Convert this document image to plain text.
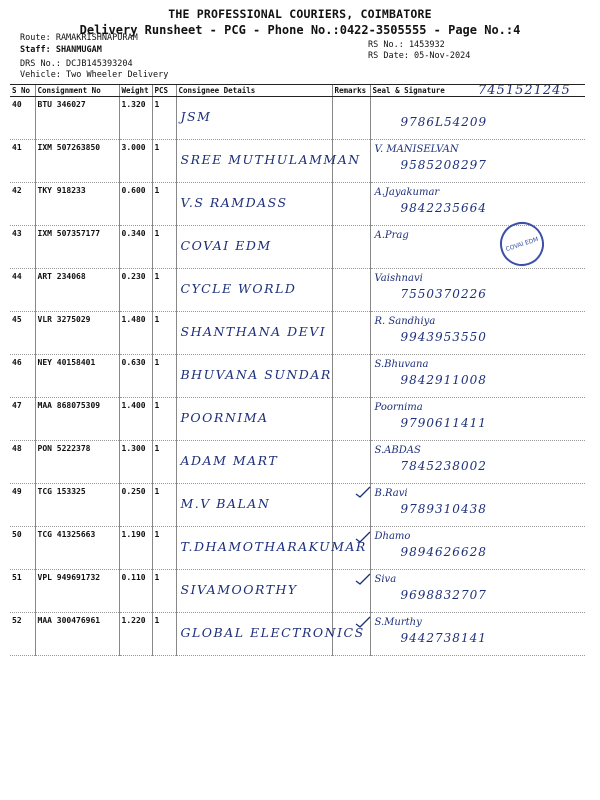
THE PROFESSIONAL COURIERS, COIMBATORE
Delivery Runsheet - PCG - Phone No.:0422-3505555 - Page No.:4
Route: RAMAKRISHNAPURAM
Staff: SHANMUGAM
DRS No.: DCJB145393204
Vehicle: Two Wheeler Delivery
RS No.: 1453932
RS Date: 05-Nov-2024
7451521245
S No	Consignment No	Weight	PCS	Consignee Details	Remarks	Seal & Signature
40	BTU 346027	1.320	1	JSM		9786L54209

41	IXM 507263850	3.000	1	SREE MUTHULAMMAN		V. MANISELVAN
9585208297

42	TKY 918233	0.600	1	V.S RAMDASS		A.Jayakumar
9842235664

43	IXM 507357177	0.340	1	COVAI EDM		A.Prag

44	ART 234068	0.230	1	CYCLE WORLD		Vaishnavi
7550370226

45	VLR 3275029	1.480	1	SHANTHANA DEVI		R. Sandhiya
9943953550

46	NEY 40158401	0.630	1	BHUVANA SUNDAR		S.Bhuvana
9842911008

47	MAA 868075309	1.400	1	POORNIMA		Poornima
9790611411

48	PON 5222378	1.300	1	ADAM MART		S.ABDAS
7845238002

49	TCG 153325	0.250	1	M.V BALAN		B.Ravi
9789310438

50	TCG 41325663	1.190	1	T.DHAMOTHARAKUMAR		Dhamo
9894626628

51	VPL 949691732	0.110	1	SIVAMOORTHY		Siva
9698832707

52	MAA 300476961	1.220	1	GLOBAL ELECTRONICS		S.Murthy
9442738141
COVAI EDM
